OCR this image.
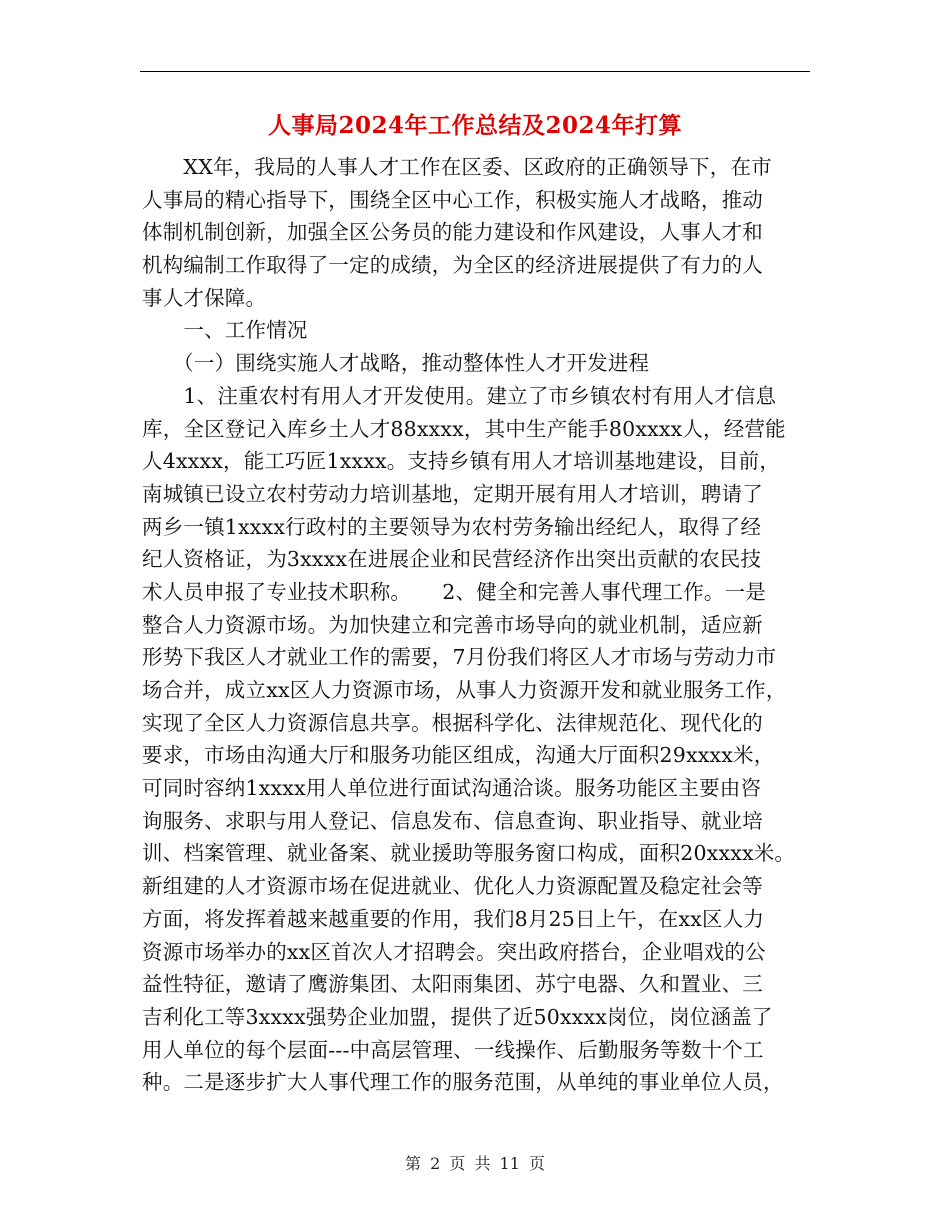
人事局2024年工作总结及2024年打算
　　XX年，我局的人事人才工作在区委、区政府的正确领导下，在市
人事局的精心指导下，围绕全区中心工作，积极实施人才战略，推动
体制机制创新，加强全区公务员的能力建设和作风建设，人事人才和
机构编制工作取得了一定的成绩，为全区的经济进展提供了有力的人
事人才保障。
　　一、工作情况
　　（一）围绕实施人才战略，推动整体性人才开发进程
　　1、注重农村有用人才开发使用。建立了市乡镇农村有用人才信息
库，全区登记入库乡土人才88xxxx，其中生产能手80xxxx人，经营能
人4xxxx，能工巧匠1xxxx。支持乡镇有用人才培训基地建设，目前，
南城镇已设立农村劳动力培训基地，定期开展有用人才培训，聘请了
两乡一镇1xxxx行政村的主要领导为农村劳务输出经纪人，取得了经
纪人资格证，为3xxxx在进展企业和民营经济作出突出贡献的农民技
术人员申报了专业技术职称。　　2、健全和完善人事代理工作。一是
整合人力资源市场。为加快建立和完善市场导向的就业机制，适应新
形势下我区人才就业工作的需要，7月份我们将区人才市场与劳动力市
场合并，成立xx区人力资源市场，从事人力资源开发和就业服务工作，
实现了全区人力资源信息共享。根据科学化、法律规范化、现代化的
要求，市场由沟通大厅和服务功能区组成，沟通大厅面积29xxxx米，
可同时容纳1xxxx用人单位进行面试沟通洽谈。服务功能区主要由咨
询服务、求职与用人登记、信息发布、信息查询、职业指导、就业培
训、档案管理、就业备案、就业援助等服务窗口构成，面积20xxxx米。
新组建的人才资源市场在促进就业、优化人力资源配置及稳定社会等
方面，将发挥着越来越重要的作用，我们8月25日上午，在xx区人力
资源市场举办的xx区首次人才招聘会。突出政府搭台，企业唱戏的公
益性特征，邀请了鹰游集团、太阳雨集团、苏宁电器、久和置业、三
吉利化工等3xxxx强势企业加盟，提供了近50xxxx岗位，岗位涵盖了
用人单位的每个层面---中高层管理、一线操作、后勤服务等数十个工
种。二是逐步扩大人事代理工作的服务范围，从单纯的事业单位人员，
第 2 页 共 11 页
